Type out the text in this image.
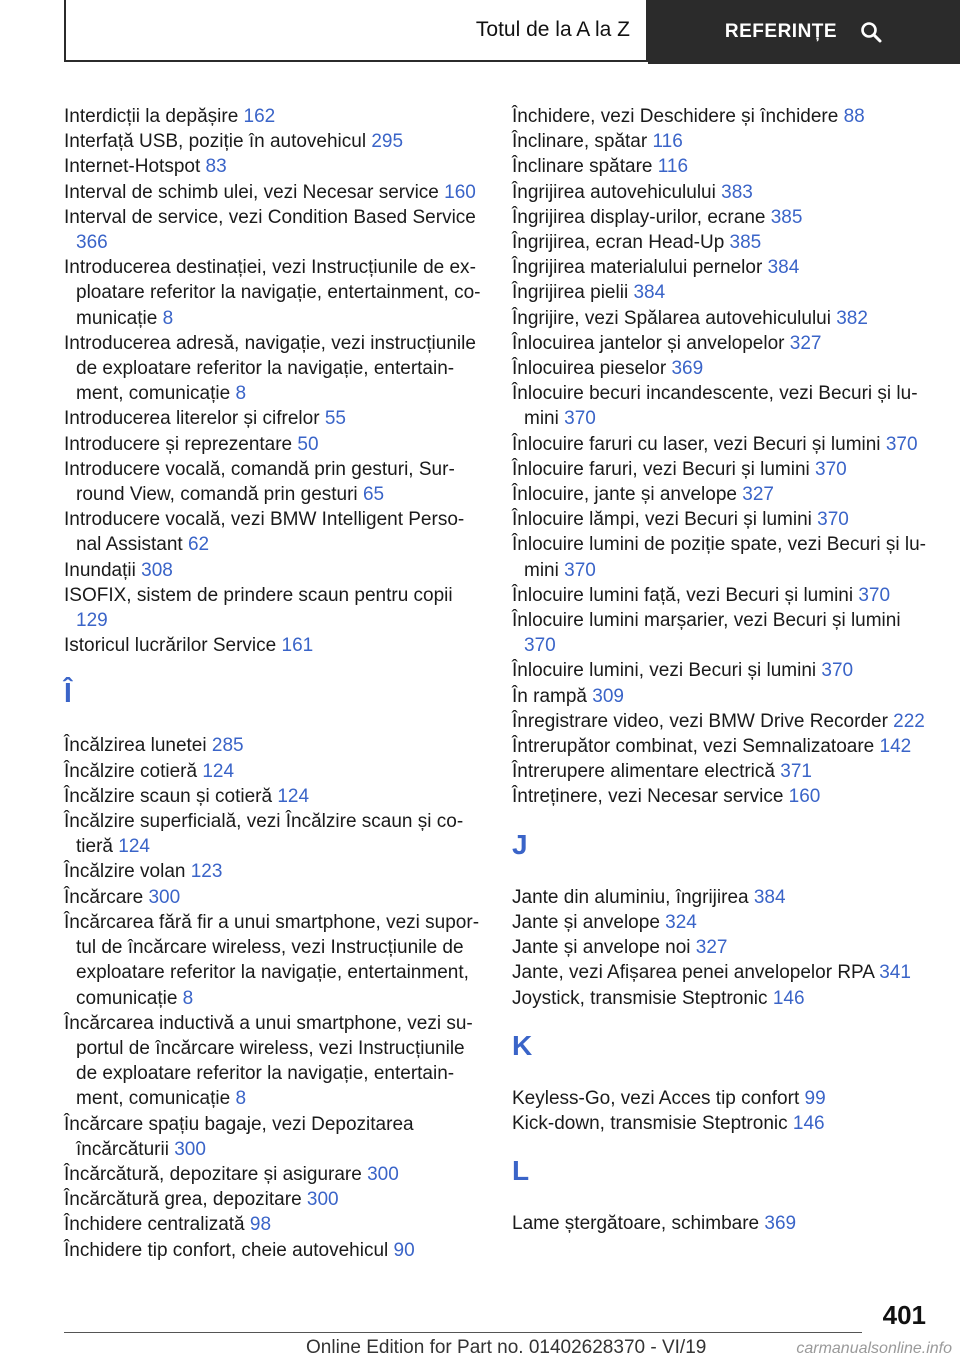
Totul de la A la Z	REFERINȚE
Interdicții la depășire 162
Interfață USB, poziție în autovehicul 295
Internet-Hotspot 83
Interval de schimb ulei, vezi Necesar service 160
Interval de service, vezi Condition Based Service 366
Introducerea destinației, vezi Instrucțiunile de exploatare referitor la navigație, entertainment, comunicație 8
Introducerea adresă, navigație, vezi instrucțiunile de exploatare referitor la navigație, entertainment, comunicație 8
Introducerea literelor și cifrelor 55
Introducere și reprezentare 50
Introducere vocală, comandă prin gesturi, Surround View, comandă prin gesturi 65
Introducere vocală, vezi BMW Intelligent Personal Assistant 62
Inundații 308
ISOFIX, sistem de prindere scaun pentru copii 129
Istoricul lucrărilor Service 161
Î
Încălzirea lunetei 285
Încălzire cotieră 124
Încălzire scaun și cotieră 124
Încălzire superficială, vezi Încălzire scaun și cotieră 124
Încălzire volan 123
Încărcare 300
Încărcarea fără fir a unui smartphone, vezi suportul de încărcare wireless, vezi Instrucțiunile de exploatare referitor la navigație, entertainment, comunicație 8
Încărcarea inductivă a unui smartphone, vezi suportul de încărcare wireless, vezi Instrucțiunile de exploatare referitor la navigație, entertainment, comunicație 8
Încărcare spațiu bagaje, vezi Depozitarea încărcăturii 300
Încărcătură, depozitare și asigurare 300
Încărcătură grea, depozitare 300
Închidere centralizată 98
Închidere tip confort, cheie autovehicul 90
Închidere, vezi Deschidere și închidere 88
Înclinare, spătar 116
Înclinare spătare 116
Îngrijirea autovehiculului 383
Îngrijirea display-urilor, ecrane 385
Îngrijirea, ecran Head-Up 385
Îngrijirea materialului pernelor 384
Îngrijirea pielii 384
Îngrijire, vezi Spălarea autovehiculului 382
Înlocuirea jantelor și anvelopelor 327
Înlocuirea pieselor 369
Înlocuire becuri incandescente, vezi Becuri și lumini 370
Înlocuire faruri cu laser, vezi Becuri și lumini 370
Înlocuire faruri, vezi Becuri și lumini 370
Înlocuire, jante și anvelope 327
Înlocuire lămpi, vezi Becuri și lumini 370
Înlocuire lumini de poziție spate, vezi Becuri și lumini 370
Înlocuire lumini față, vezi Becuri și lumini 370
Înlocuire lumini marșarier, vezi Becuri și lumini 370
Înlocuire lumini, vezi Becuri și lumini 370
În rampă 309
Înregistrare video, vezi BMW Drive Recorder 222
Întrerupător combinat, vezi Semnalizatoare 142
Întrerupere alimentare electrică 371
Întreținere, vezi Necesar service 160
J
Jante din aluminiu, îngrijirea 384
Jante și anvelope 324
Jante și anvelope noi 327
Jante, vezi Afișarea penei anvelopelor RPA 341
Joystick, transmisie Steptronic 146
K
Keyless-Go, vezi Acces tip confort 99
Kick-down, transmisie Steptronic 146
L
Lame ștergătoare, schimbare 369
401
Online Edition for Part no. 01402628370 - VI/19	carmanualsonline.info
